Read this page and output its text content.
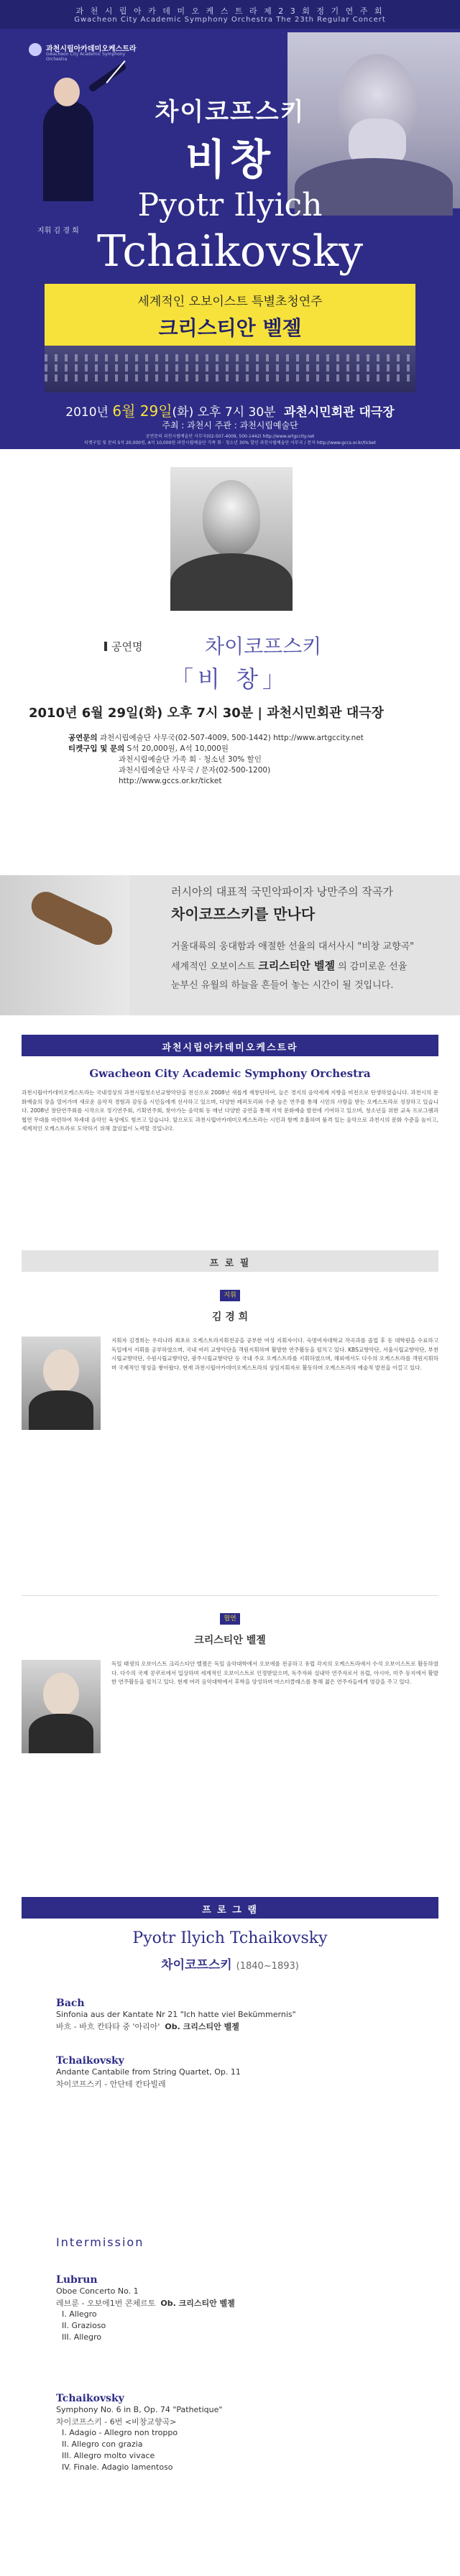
과 천 시 립 아 카 데 미 오 케 스 트 라 제 2 3 회 정 기 연 주 회
Gwacheon City Academic Symphony Orchestra The 23th Regular Concert
과천시립아카데미오케스트라
Gwacheon City Academic Symphony Orchestra
차이코프스키
비창
Pyotr Ilyich
지휘 김 경 희 Tchaikovsky
세계적인 오보이스트 특별초청연주
크리스티안 벨젤
2010년 6월 29일(화) 오후 7시 30분 과천시민회관 대극장
주최 : 과천시 주관 : 과천시립예술단
공연문의 과천시립예술단 사무국(02-507-4009, 500-1442) http://www.artgccity.net
티켓구입 및 문의 S석 20,000원, A석 10,000원 과천시립예술단 가족 회 · 청소년 30% 할인 과천시립예술단 사무국 / 문자 http://www.gccs.or.kr/ticket
공연명	차이코프스키
「비 창」
2010년 6월 29일(화) 오후 7시 30분 | 과천시민회관 대극장
공연문의 과천시립예술단 사무국(02-507-4009, 500-1442) http://www.artgccity.net
티켓구입 및 문의 S석 20,000원, A석 10,000원
과천시립예술단 가족 회 · 청소년 30% 할인
과천시립예술단 사무국 / 문자(02-500-1200)
http://www.gccs.or.kr/ticket
러시아의 대표적 국민악파이자 낭만주의 작곡가
차이코프스키를 만나다
거울대륙의 웅대함과 애절한 선율의 대서사시 "비창 교향곡"
세계적인 오보이스트 크리스티안 벨젤 의 감미로운 선율
눈부신 유월의 하늘을 흔들어 놓는 시간이 될 것입니다.
과천시립아카데미오케스트라
Gwacheon City Academic Symphony Orchestra
과천시립아카데미오케스트라는 국내정상의 과천시립청소년교향악단을 전신으로 2008년 새롭게 재창단하여, 늘은 경지의 음악세계 지향을 비전으로 탄생하였습니다. 과천시의 문화예술의 장을 열어가며 새로운 음악적 경험과 감동을 시민들에게 선사하고 있으며, 다양한 레퍼토리와 수준 높은 연주를 통해 시민의 사랑을 받는 오케스트라로 성장하고 있습니다. 2008년 창단연주회를 시작으로 정기연주회, 기획연주회, 찾아가는 음악회 등 매년 다양한 공연을 통해 지역 문화예술 발전에 기여하고 있으며, 청소년을 위한 교육 프로그램과 협연 무대를 마련하여 차세대 음악인 육성에도 힘쓰고 있습니다. 앞으로도 과천시립아카데미오케스트라는 시민과 함께 호흡하며 품격 있는 음악으로 과천시의 문화 수준을 높이고, 세계적인 오케스트라로 도약하기 위해 끊임없이 노력할 것입니다.
프 로 필
지휘
김 경 희
지휘자 김경희는 우리나라 최초로 오케스트라지휘전공을 공부한 여성 지휘자이다. 숙명여자대학교 작곡과를 졸업 후 동 대학원을 수료하고 독일에서 지휘를 공부하였으며, 국내 여러 교향악단을 객원지휘하며 활발한 연주활동을 펼치고 있다. KBS교향악단, 서울시립교향악단, 부천시립교향악단, 수원시립교향악단, 광주시립교향악단 등 국내 주요 오케스트라를 지휘하였으며, 해외에서도 다수의 오케스트라를 객원지휘하며 국제적인 명성을 쌓아왔다. 현재 과천시립아카데미오케스트라의 상임지휘자로 활동하며 오케스트라의 예술적 발전을 이끌고 있다.
협연
크리스티안 벨젤
독일 태생의 오보이스트 크리스티안 벨젤은 독일 음악대학에서 오보에를 전공하고 유럽 각지의 오케스트라에서 수석 오보이스트로 활동하였다. 다수의 국제 콩쿠르에서 입상하며 세계적인 오보이스트로 인정받았으며, 독주자와 실내악 연주자로서 유럽, 아시아, 미주 등지에서 활발한 연주활동을 펼치고 있다. 현재 여러 음악대학에서 후학을 양성하며 마스터클래스를 통해 젊은 연주자들에게 영감을 주고 있다.
프 로 그 램
Pyotr Ilyich Tchaikovsky
차이코프스키 (1840~1893)
Bach
Sinfonia aus der Kantate Nr 21 "Ich hatte viel Bekümmernis"
바흐 - 바흐 칸타타 중 '아리아' Ob. 크리스티안 벨젤
Tchaikovsky
Andante Cantabile from String Quartet, Op. 11
차이코프스키 - 안단테 칸타빌레
Intermission
Lubrun
Oboe Concerto No. 1
레브룬 - 오보에1번 콘체르토 Ob. 크리스티안 벨젤
I. Allegro
II. Grazioso
III. Allegro
Tchaikovsky
Symphony No. 6 in B, Op. 74 "Pathetique"
차이코프스키 - 6번 <비창교향곡>
I. Adagio - Allegro non troppo
II. Allegro con grazia
III. Allegro molto vivace
IV. Finale. Adagio lamentoso
